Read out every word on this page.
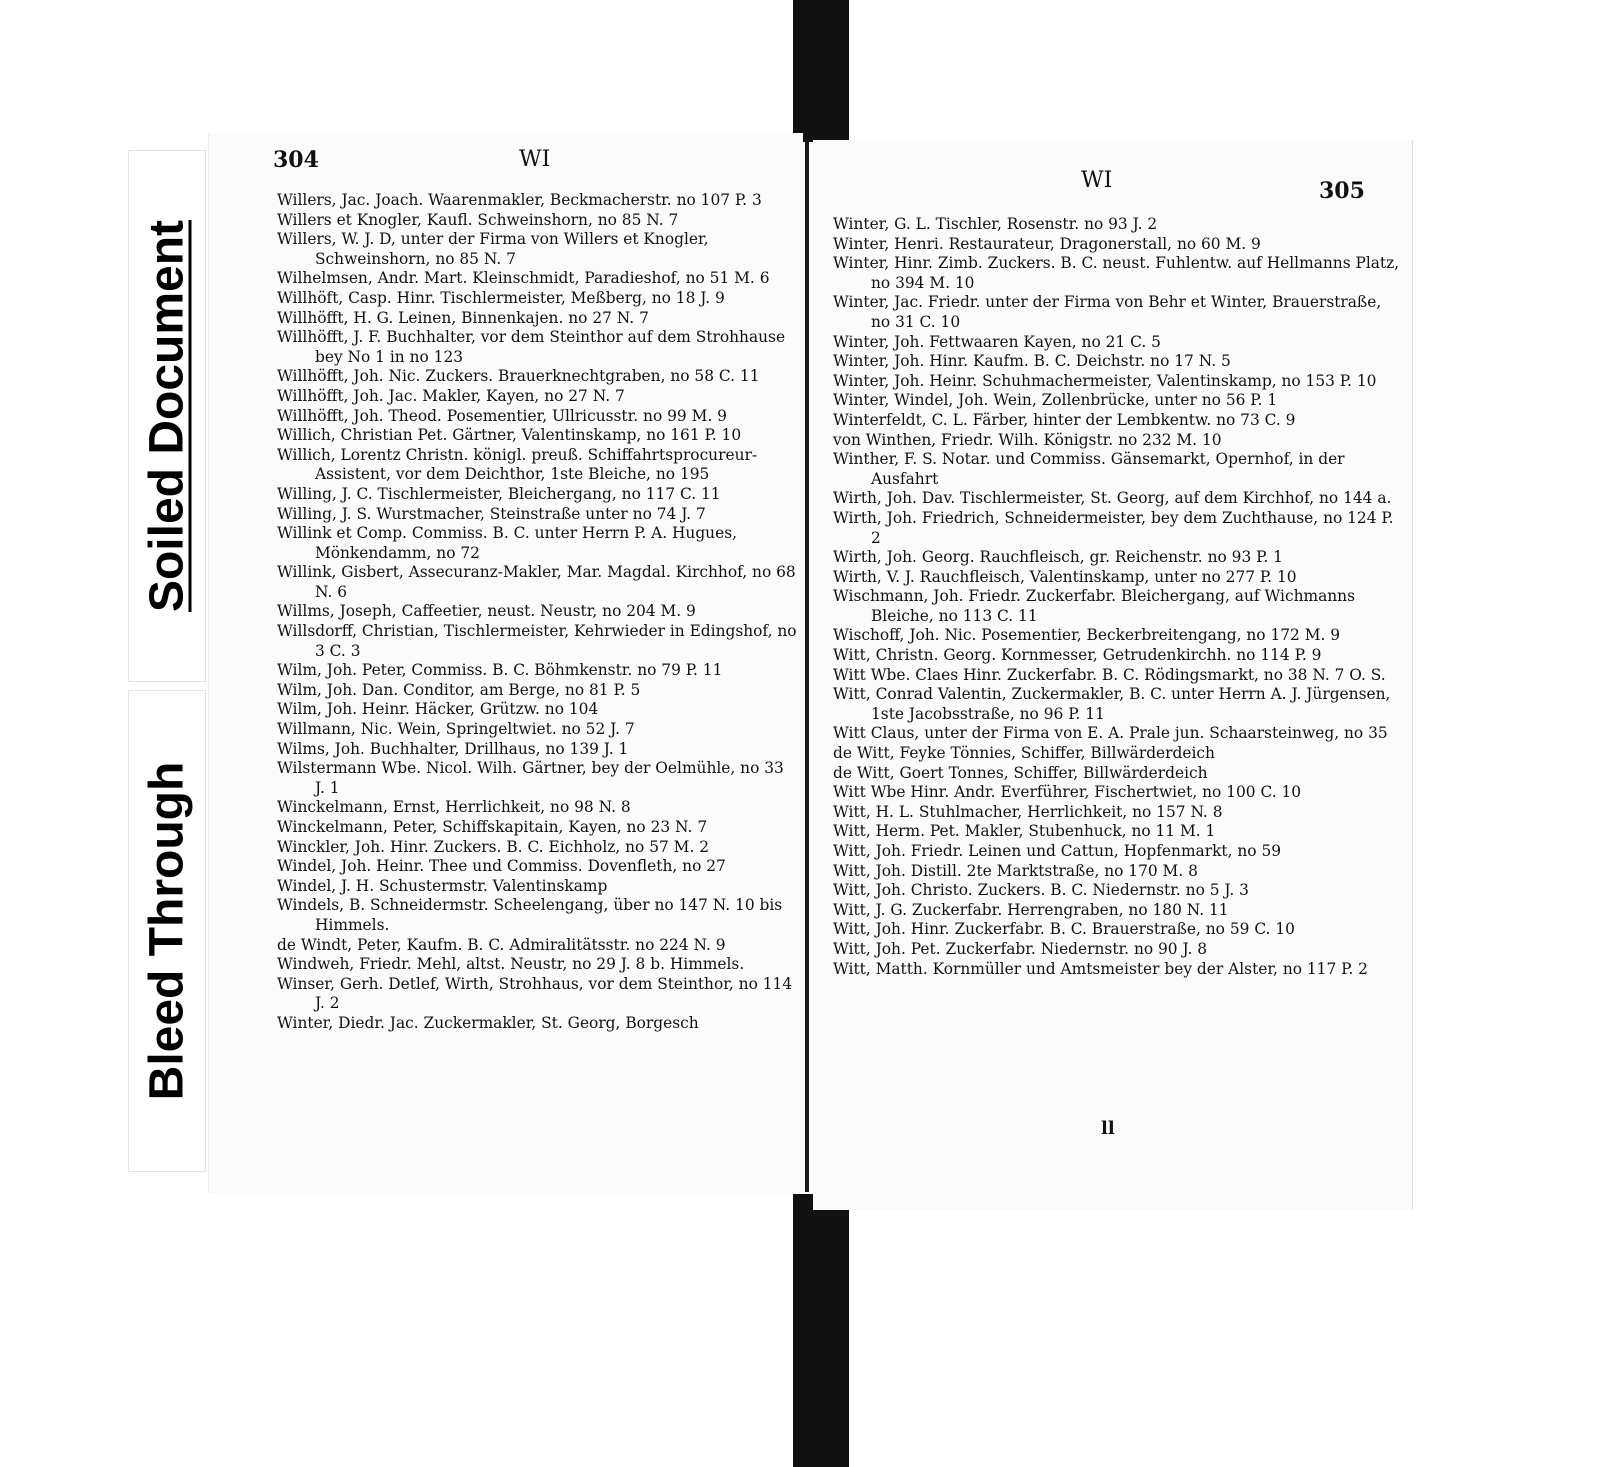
Soiled Document
Bleed Through
304	WI
Willers, Jac. Joach. Waarenmakler, Beckmacherstr. no 107 P. 3
Willers et Knogler, Kaufl. Schweinshorn, no 85 N. 7
Willers, W. J. D, unter der Firma von Willers et Knogler, Schweinshorn, no 85 N. 7
Wilhelmsen, Andr. Mart. Kleinschmidt, Paradieshof, no 51 M. 6
Willhöft, Casp. Hinr. Tischlermeister, Meßberg, no 18 J. 9
Willhöfft, H. G. Leinen, Binnenkajen. no 27 N. 7
Willhöfft, J. F. Buchhalter, vor dem Steinthor auf dem Strohhause bey No 1 in no 123
Willhöfft, Joh. Nic. Zuckers. Brauerknechtgraben, no 58 C. 11
Willhöfft, Joh. Jac. Makler, Kayen, no 27 N. 7
Willhöfft, Joh. Theod. Posementier, Ullricusstr. no 99 M. 9
Willich, Christian Pet. Gärtner, Valentinskamp, no 161 P. 10
Willich, Lorentz Christn. königl. preuß. Schiffahrtsprocureur-Assistent, vor dem Deichthor, 1ste Bleiche, no 195
Willing, J. C. Tischlermeister, Bleichergang, no 117 C. 11
Willing, J. S. Wurstmacher, Steinstraße unter no 74 J. 7
Willink et Comp. Commiss. B. C. unter Herrn P. A. Hugues, Mönkendamm, no 72
Willink, Gisbert, Assecuranz-Makler, Mar. Magdal. Kirchhof, no 68 N. 6
Willms, Joseph, Caffeetier, neust. Neustr, no 204 M. 9
Willsdorff, Christian, Tischlermeister, Kehrwieder in Edingshof, no 3 C. 3
Wilm, Joh. Peter, Commiss. B. C. Böhmkenstr. no 79 P. 11
Wilm, Joh. Dan. Conditor, am Berge, no 81 P. 5
Wilm, Joh. Heinr. Häcker, Grützw. no 104
Willmann, Nic. Wein, Springeltwiet. no 52 J. 7
Wilms, Joh. Buchhalter, Drillhaus, no 139 J. 1
Wilstermann Wbe. Nicol. Wilh. Gärtner, bey der Oelmühle, no 33 J. 1
Winckelmann, Ernst, Herrlichkeit, no 98 N. 8
Winckelmann, Peter, Schiffskapitain, Kayen, no 23 N. 7
Winckler, Joh. Hinr. Zuckers. B. C. Eichholz, no 57 M. 2
Windel, Joh. Heinr. Thee und Commiss. Dovenfleth, no 27
Windel, J. H. Schustermstr. Valentinskamp
Windels, B. Schneidermstr. Scheelengang, über no 147 N. 10 bis Himmels.
de Windt, Peter, Kaufm. B. C. Admiralitätsstr. no 224 N. 9
Windweh, Friedr. Mehl, altst. Neustr, no 29 J. 8 b. Himmels.
Winser, Gerh. Detlef, Wirth, Strohhaus, vor dem Steinthor, no 114 J. 2
Winter, Diedr. Jac. Zuckermakler, St. Georg, Borgesch
WI	305
Winter, G. L. Tischler, Rosenstr. no 93 J. 2
Winter, Henri. Restaurateur, Dragonerstall, no 60 M. 9
Winter, Hinr. Zimb. Zuckers. B. C. neust. Fuhlentw. auf Hellmanns Platz, no 394 M. 10
Winter, Jac. Friedr. unter der Firma von Behr et Winter, Brauerstraße, no 31 C. 10
Winter, Joh. Fettwaaren Kayen, no 21 C. 5
Winter, Joh. Hinr. Kaufm. B. C. Deichstr. no 17 N. 5
Winter, Joh. Heinr. Schuhmachermeister, Valentinskamp, no 153 P. 10
Winter, Windel, Joh. Wein, Zollenbrücke, unter no 56 P. 1
Winterfeldt, C. L. Färber, hinter der Lembkentw. no 73 C. 9
von Winthen, Friedr. Wilh. Königstr. no 232 M. 10
Winther, F. S. Notar. und Commiss. Gänsemarkt, Opernhof, in der Ausfahrt
Wirth, Joh. Dav. Tischlermeister, St. Georg, auf dem Kirchhof, no 144 a.
Wirth, Joh. Friedrich, Schneidermeister, bey dem Zuchthause, no 124 P. 2
Wirth, Joh. Georg. Rauchfleisch, gr. Reichenstr. no 93 P. 1
Wirth, V. J. Rauchfleisch, Valentinskamp, unter no 277 P. 10
Wischmann, Joh. Friedr. Zuckerfabr. Bleichergang, auf Wichmanns Bleiche, no 113 C. 11
Wischoff, Joh. Nic. Posementier, Beckerbreitengang, no 172 M. 9
Witt, Christn. Georg. Kornmesser, Getrudenkirchh. no 114 P. 9
Witt Wbe. Claes Hinr. Zuckerfabr. B. C. Rödingsmarkt, no 38 N. 7 O. S.
Witt, Conrad Valentin, Zuckermakler, B. C. unter Herrn A. J. Jürgensen, 1ste Jacobsstraße, no 96 P. 11
Witt Claus, unter der Firma von E. A. Prale jun. Schaarsteinweg, no 35
de Witt, Feyke Tönnies, Schiffer, Billwärderdeich
de Witt, Goert Tonnes, Schiffer, Billwärderdeich
Witt Wbe Hinr. Andr. Everführer, Fischertwiet, no 100 C. 10
Witt, H. L. Stuhlmacher, Herrlichkeit, no 157 N. 8
Witt, Herm. Pet. Makler, Stubenhuck, no 11 M. 1
Witt, Joh. Friedr. Leinen und Cattun, Hopfenmarkt, no 59
Witt, Joh. Distill. 2te Marktstraße, no 170 M. 8
Witt, Joh. Christo. Zuckers. B. C. Niedernstr. no 5 J. 3
Witt, J. G. Zuckerfabr. Herrengraben, no 180 N. 11
Witt, Joh. Hinr. Zuckerfabr. B. C. Brauerstraße, no 59 C. 10
Witt, Joh. Pet. Zuckerfabr. Niedernstr. no 90 J. 8
Witt, Matth. Kornmüller und Amtsmeister bey der Alster, no 117 P. 2
ll
